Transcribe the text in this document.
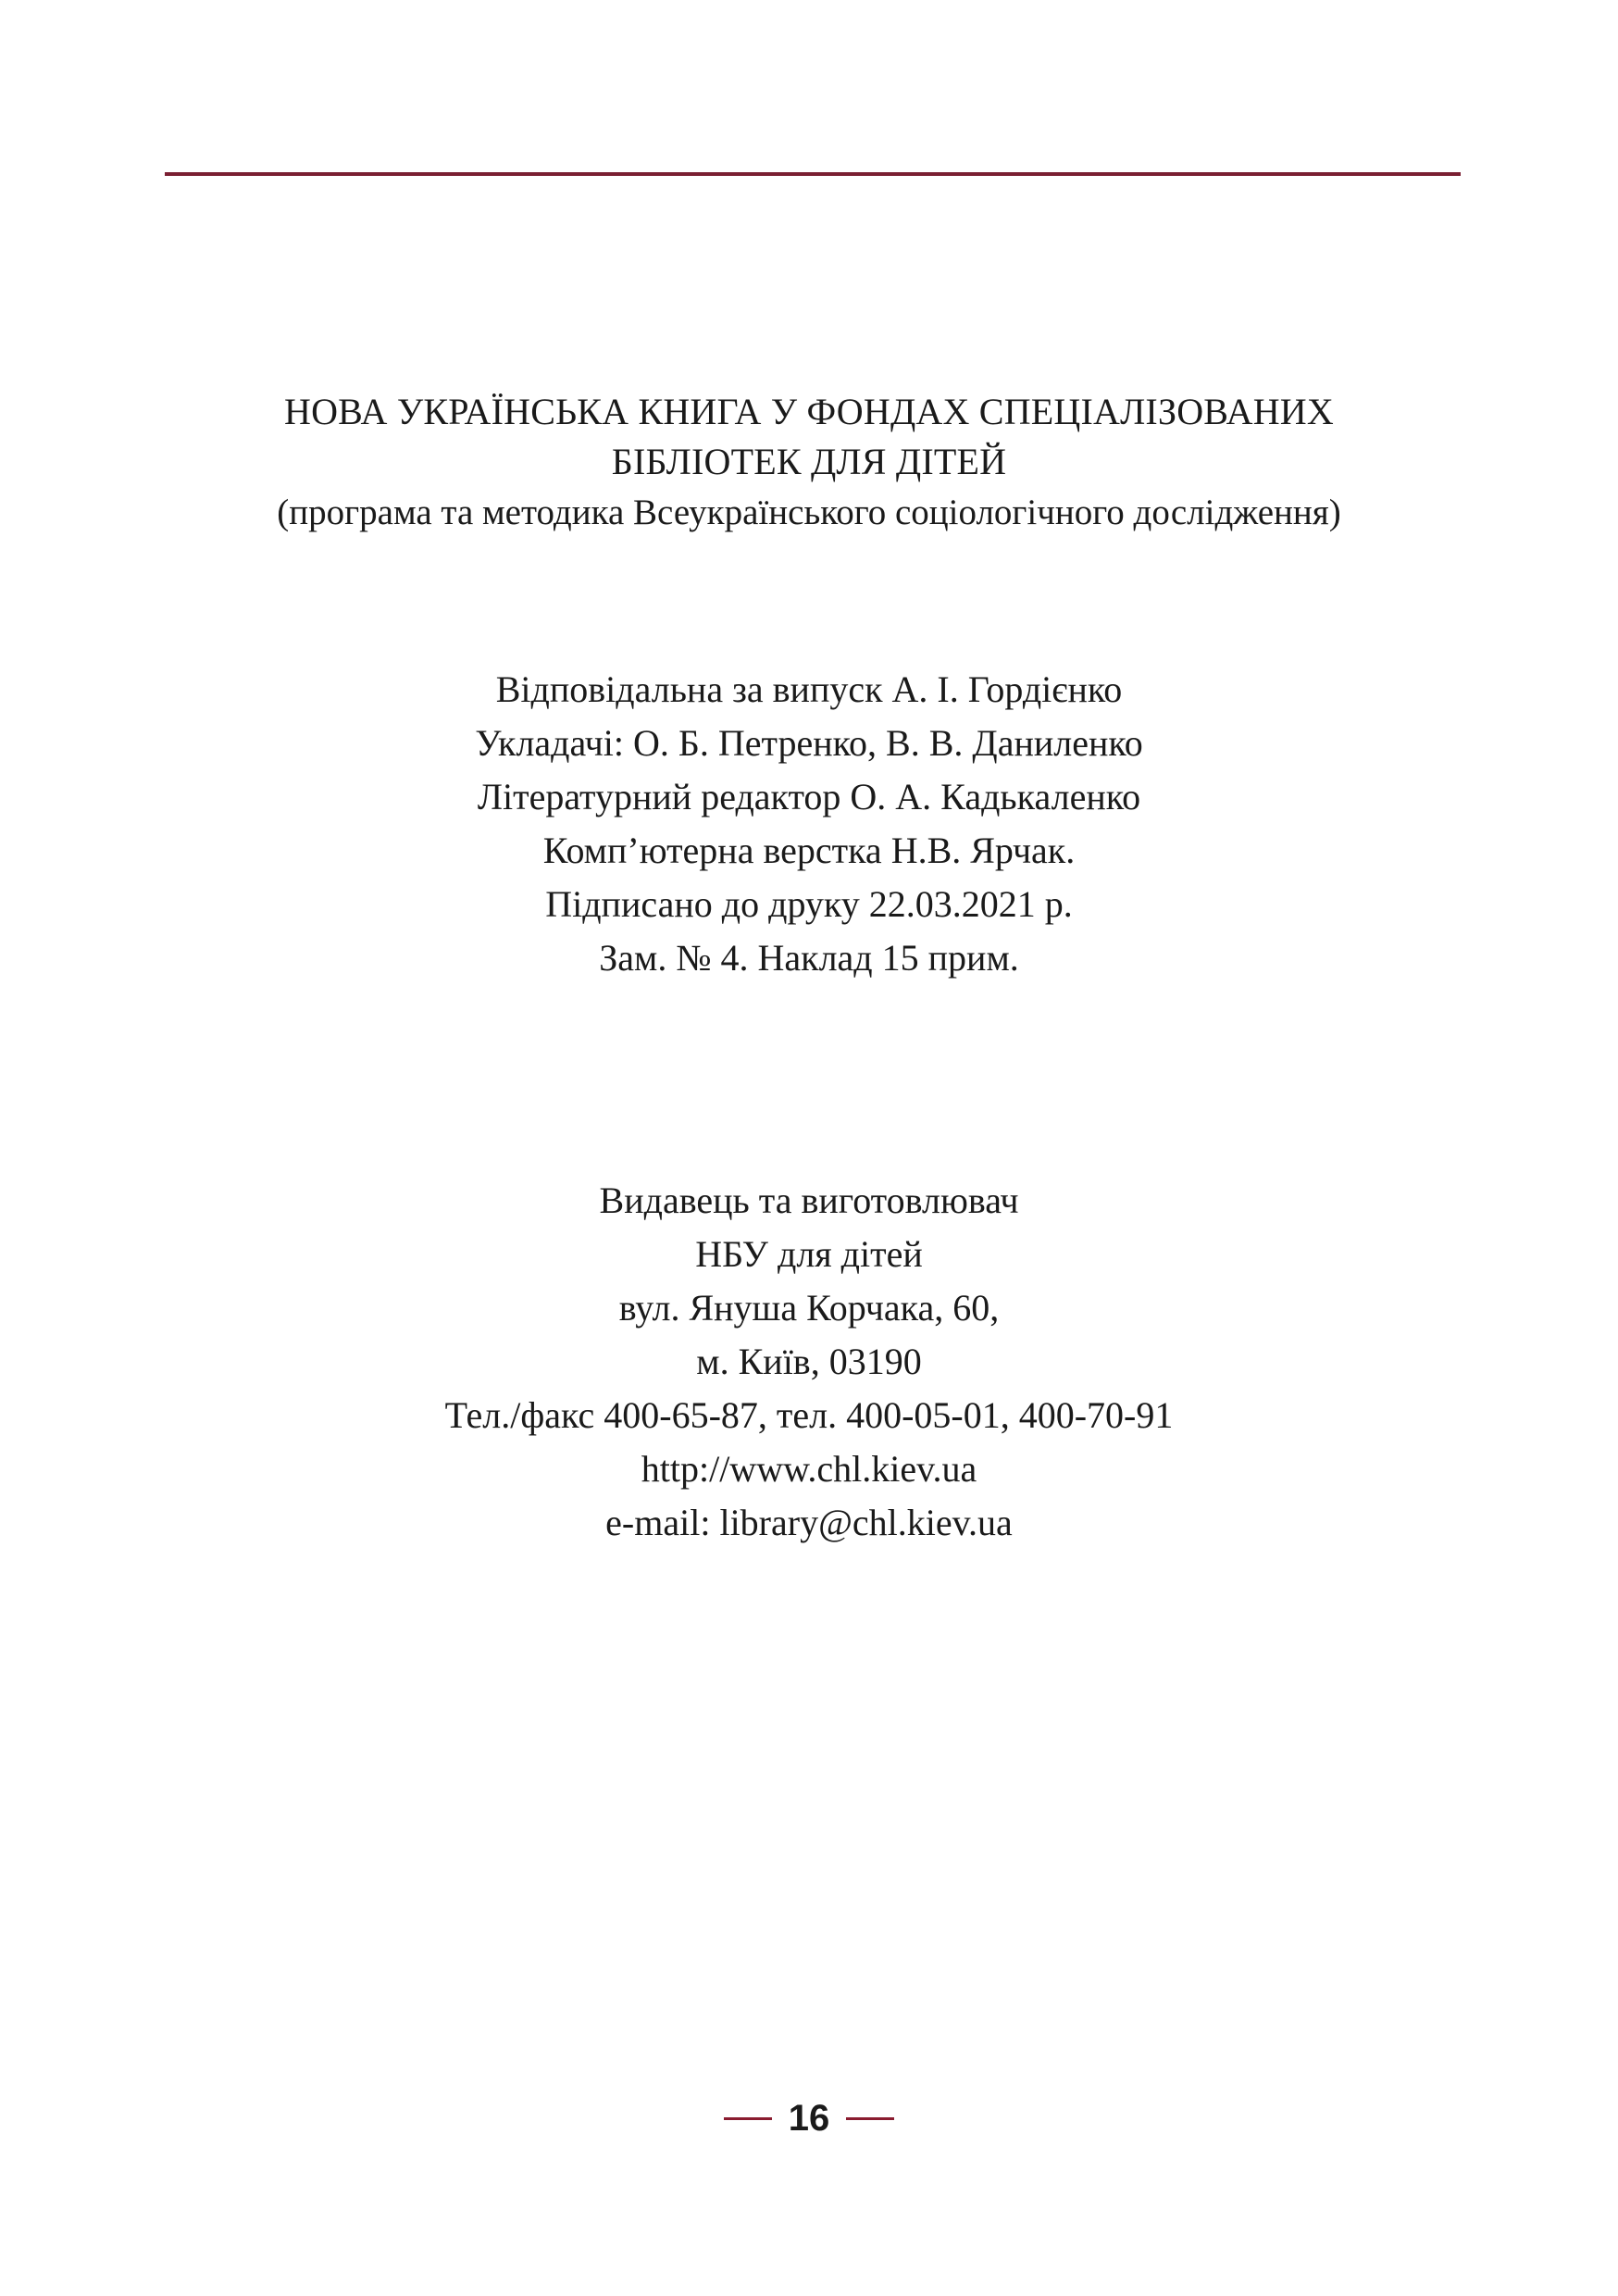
НОВА УКРАЇНСЬКА КНИГА У ФОНДАХ СПЕЦІАЛІЗОВАНИХ
БІБЛІОТЕК ДЛЯ ДІТЕЙ
(програма та методика Всеукраїнського соціологічного дослідження)
Відповідальна за випуск А. І. Гордієнко
Укладачі: О. Б. Петренко, В. В. Даниленко
Літературний редактор О. А. Кадькаленко
Комп’ютерна верстка Н.В. Ярчак.
Підписано до друку 22.03.2021 р.
Зам. № 4. Наклад 15 прим.
Видавець та виготовлювач
НБУ для дітей
вул. Януша Корчака, 60,
м. Київ, 03190
Тел./факс 400-65-87, тел. 400-05-01, 400-70-91
http://www.chl.kiev.ua
e-mail: library@chl.kiev.ua
16
